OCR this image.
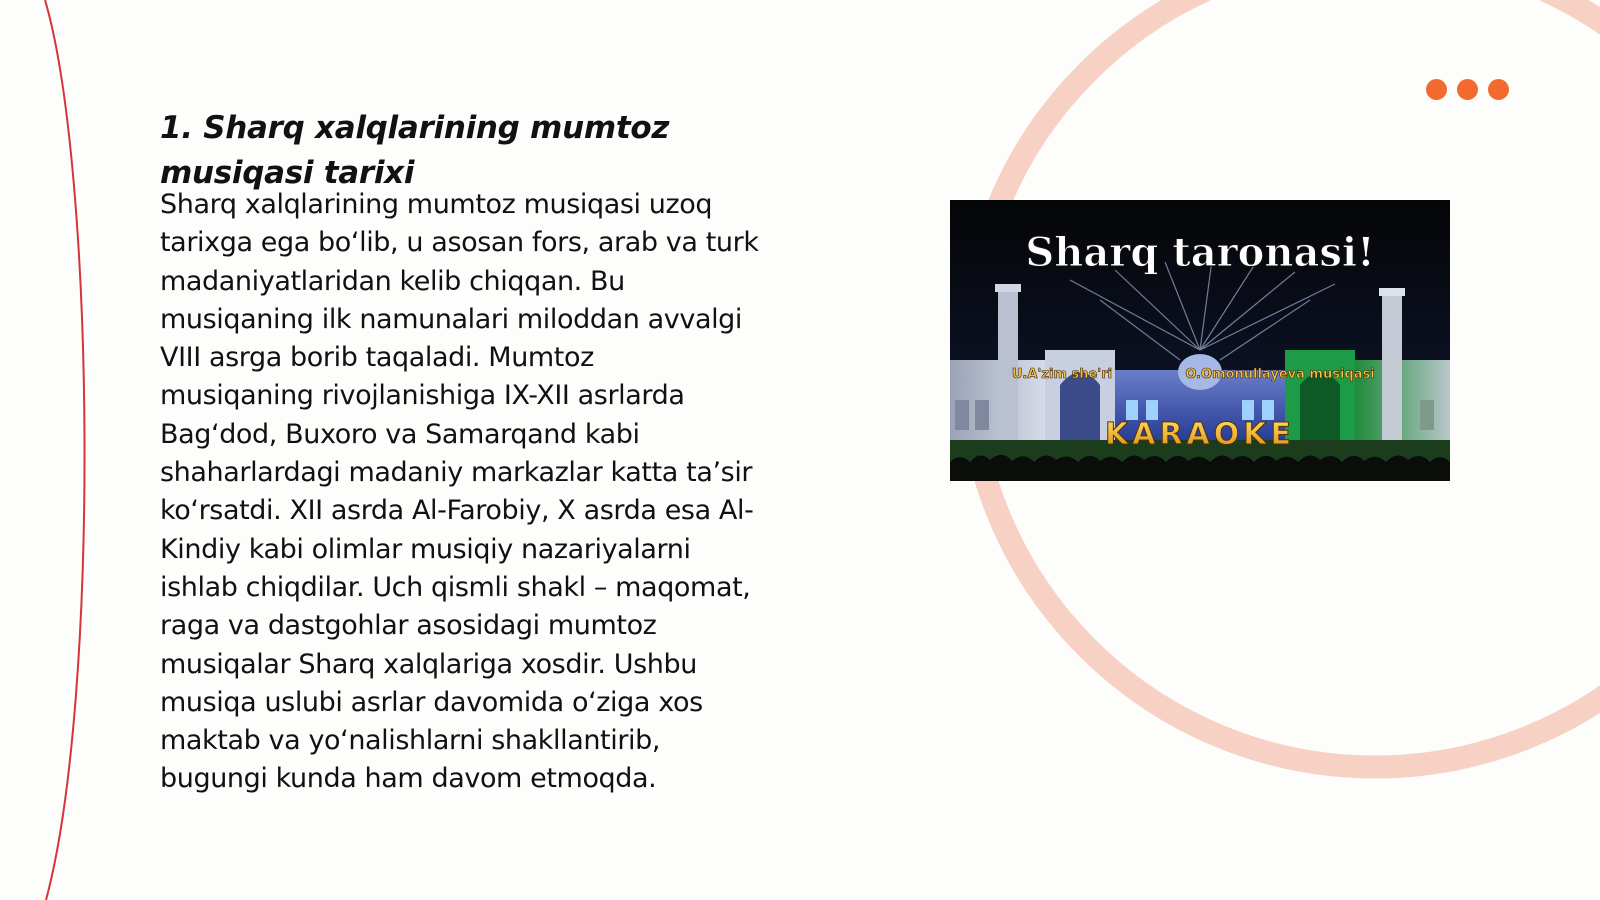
1. Sharq xalqlarining mumtoz musiqasi tarixi

Sharq xalqlarining mumtoz musiqasi uzoq
tarixga ega bo‘lib, u asosan fors, arab va turk
madaniyatlaridan kelib chiqqan. Bu
musiqaning ilk namunalari miloddan avvalgi
VIII asrga borib taqaladi. Mumtoz
musiqaning rivojlanishiga IX-XII asrlarda
Bag‘dod, Buxoro va Samarqand kabi
shaharlardagi madaniy markazlar katta ta’sir
ko‘rsatdi. XII asrda Al-Farobiy, X asrda esa Al-
Kindiy kabi olimlar musiqiy nazariyalarni
ishlab chiqdilar. Uch qismli shakl – maqomat,
raga va dastgohlar asosidagi mumtoz
musiqalar Sharq xalqlariga xosdir. Ushbu
musiqa uslubi asrlar davomida o‘ziga xos
maktab va yo‘nalishlarni shakllantirib,
bugungi kunda ham davom etmoqda.

Sharq taronasi!
U.A'zim she'ri	O.Omonullayeva musiqasi
KARAOKE
